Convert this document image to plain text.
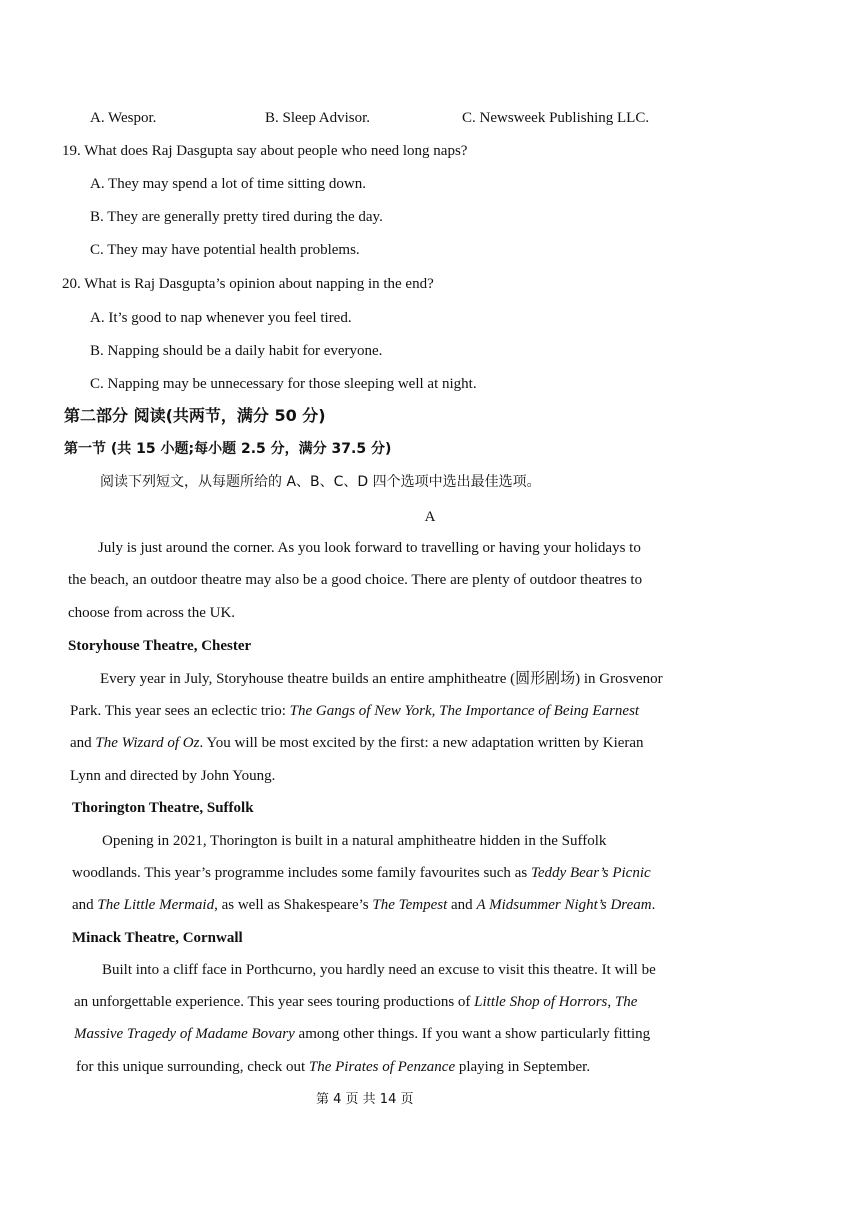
A. Wespor.	B. Sleep Advisor.	C. Newsweek Publishing LLC.
19. What does Raj Dasgupta say about people who need long naps?
A. They may spend a lot of time sitting down.
B. They are generally pretty tired during the day.
C. They may have potential health problems.
20. What is Raj Dasgupta’s opinion about napping in the end?
A. It’s good to nap whenever you feel tired.
B. Napping should be a daily habit for everyone.
C. Napping may be unnecessary for those sleeping well at night.
第二部分 阅读(共两节，满分 50 分)
第一节 (共 15 小题;每小题 2.5 分，满分 37.5 分)
阅读下列短文，从每题所给的 A、B、C、D 四个选项中选出最佳选项。
A
July is just around the corner. As you look forward to travelling or having your holidays to
the beach, an outdoor theatre may also be a good choice. There are plenty of outdoor theatres to
choose from across the UK.
Storyhouse Theatre, Chester
Every year in July, Storyhouse theatre builds an entire amphitheatre (圆形剧场) in Grosvenor
Park. This year sees an eclectic trio: The Gangs of New York, The Importance of Being Earnest
and The Wizard of Oz. You will be most excited by the first: a new adaptation written by Kieran
Lynn and directed by John Young.
Thorington Theatre, Suffolk
Opening in 2021, Thorington is built in a natural amphitheatre hidden in the Suffolk
woodlands. This year’s programme includes some family favourites such as Teddy Bear’s Picnic
and The Little Mermaid, as well as Shakespeare’s The Tempest and A Midsummer Night’s Dream.
Minack Theatre, Cornwall
Built into a cliff face in Porthcurno, you hardly need an excuse to visit this theatre. It will be
an unforgettable experience. This year sees touring productions of Little Shop of Horrors, The
Massive Tragedy of Madame Bovary among other things. If you want a show particularly fitting
for this unique surrounding, check out The Pirates of Penzance playing in September.
第 4 页 共 14 页
